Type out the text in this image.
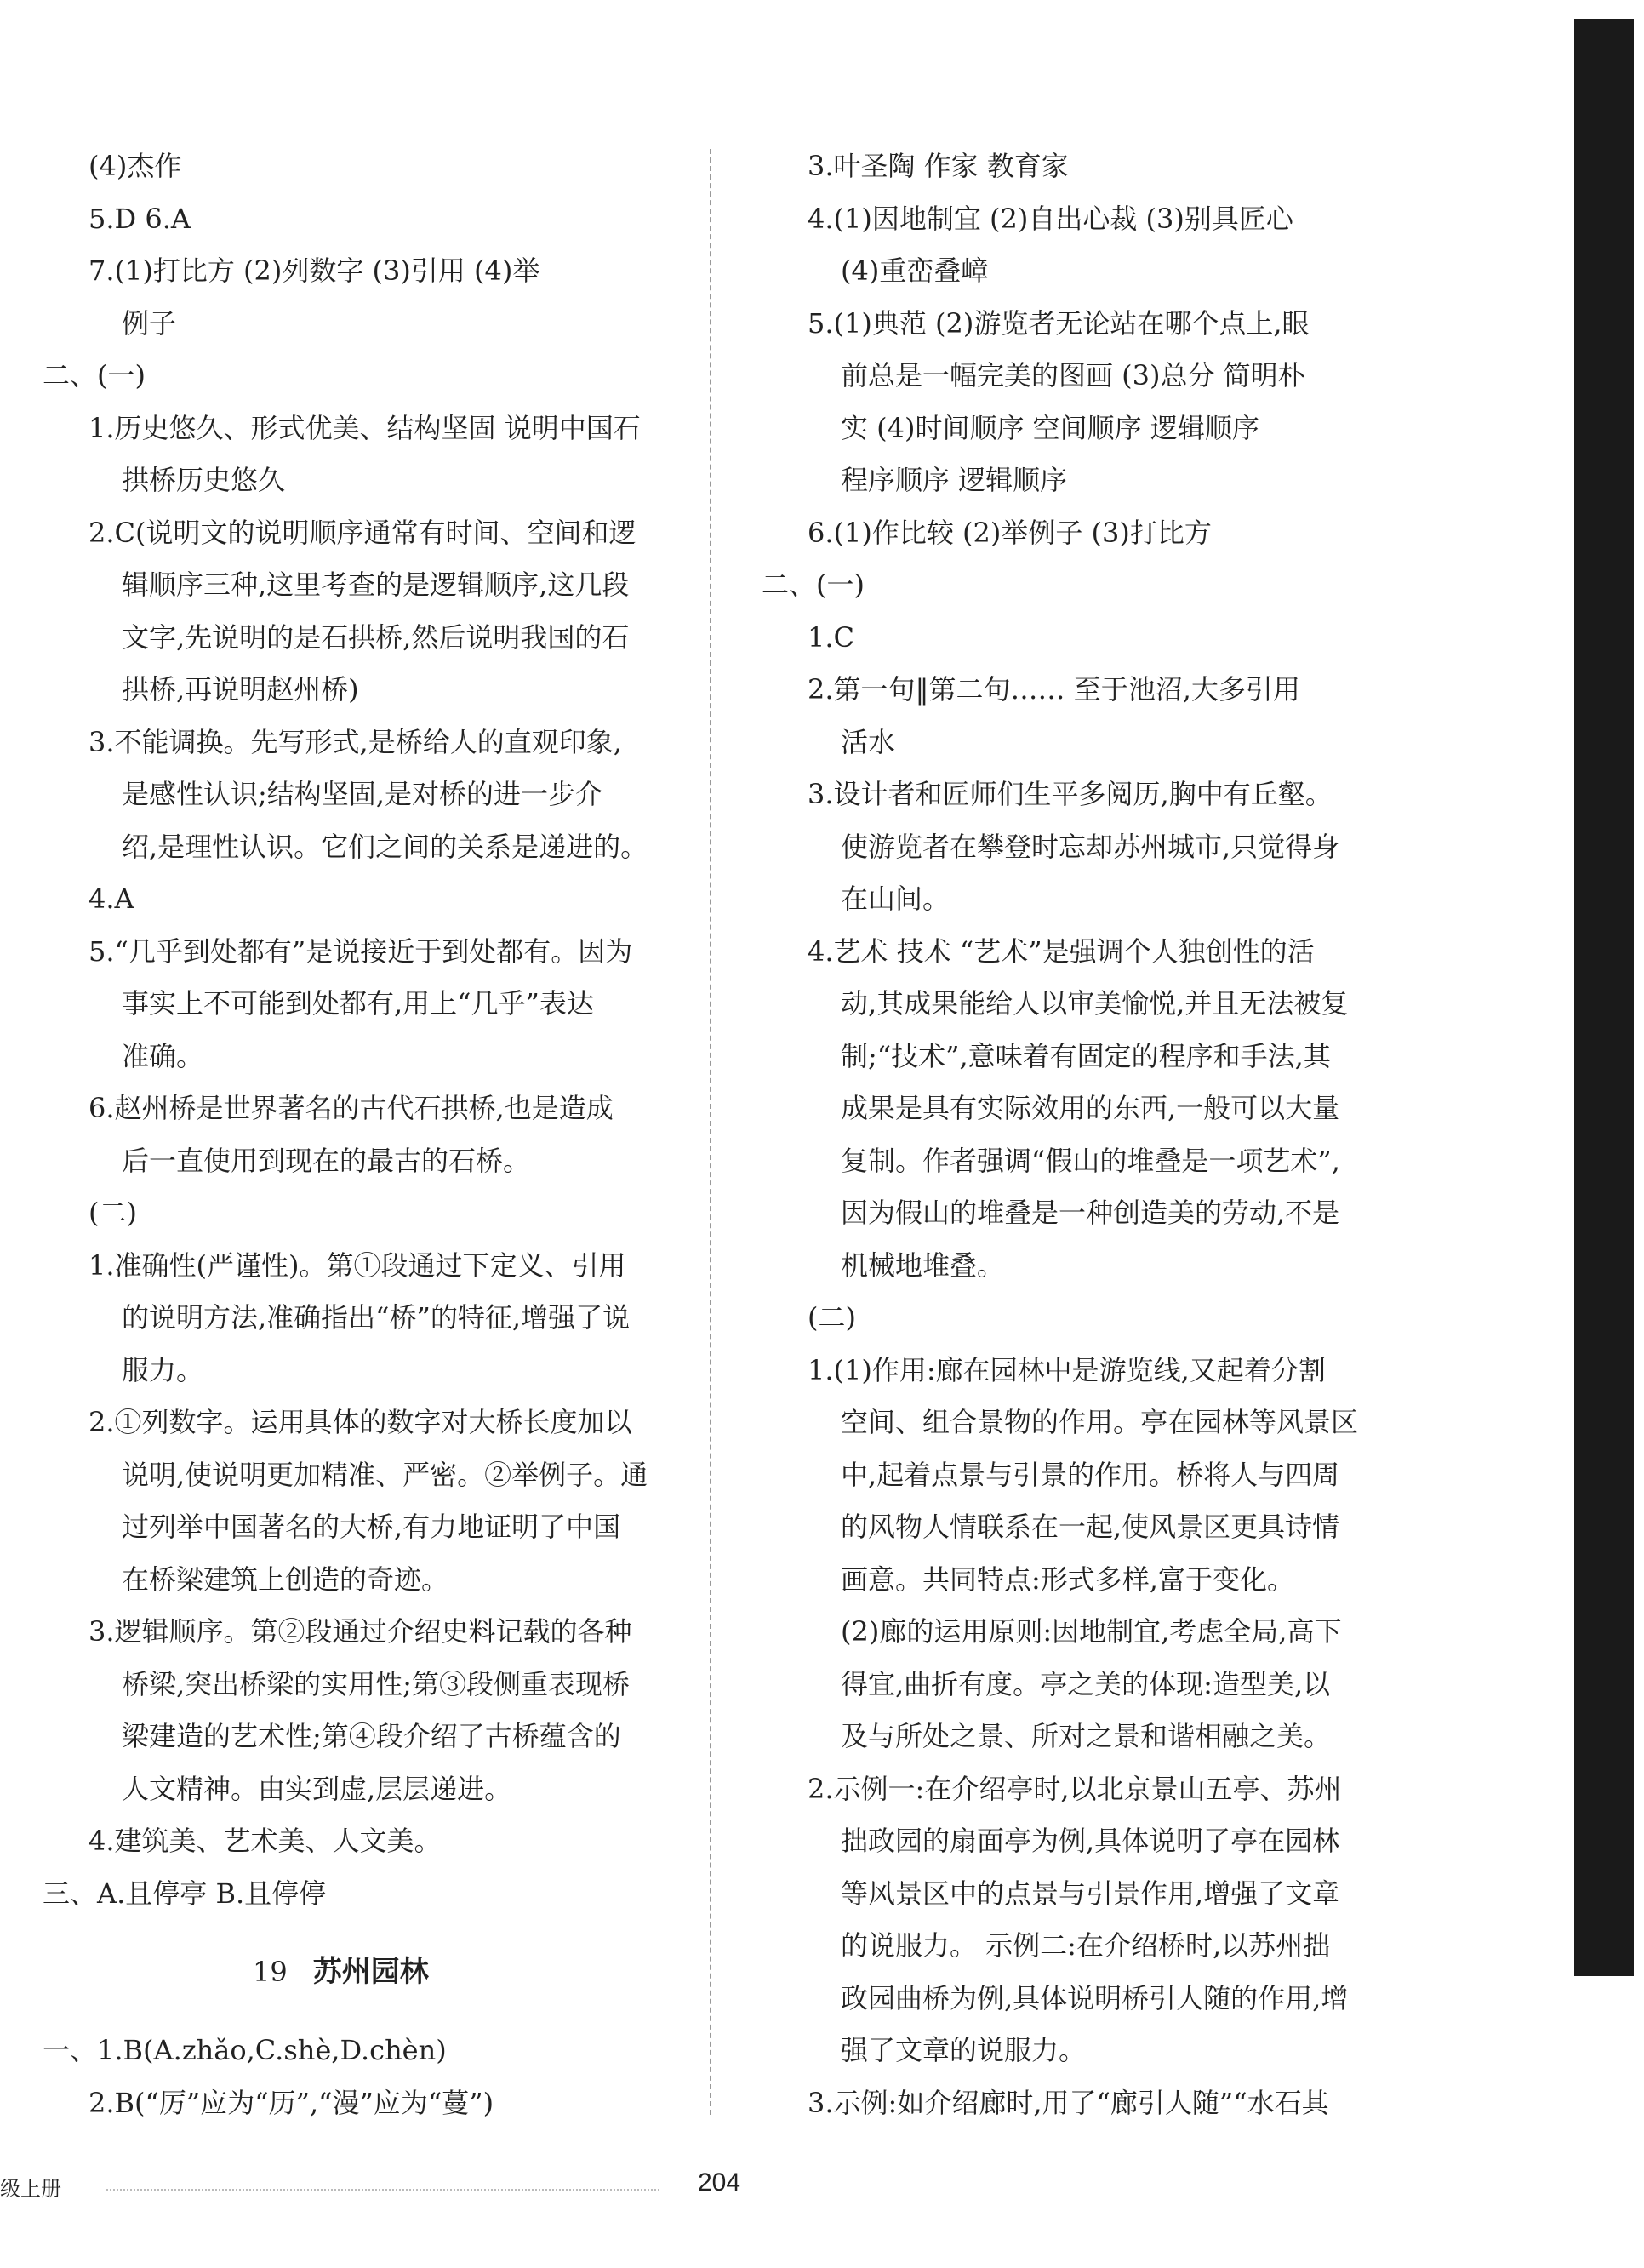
(4)杰作
5.D 6.A
7.(1)打比方 (2)列数字 (3)引用 (4)举
例子
二、(一)
1.历史悠久、形式优美、结构坚固 说明中国石
拱桥历史悠久
2.C(说明文的说明顺序通常有时间、空间和逻
辑顺序三种,这里考查的是逻辑顺序,这几段
文字,先说明的是石拱桥,然后说明我国的石
拱桥,再说明赵州桥)
3.不能调换。先写形式,是桥给人的直观印象,
是感性认识;结构坚固,是对桥的进一步介
绍,是理性认识。它们之间的关系是递进的。
4.A
5.“几乎到处都有”是说接近于到处都有。因为
事实上不可能到处都有,用上“几乎”表达
准确。
6.赵州桥是世界著名的古代石拱桥,也是造成
后一直使用到现在的最古的石桥。
(二)
1.准确性(严谨性)。第①段通过下定义、引用
的说明方法,准确指出“桥”的特征,增强了说
服力。
2.①列数字。运用具体的数字对大桥长度加以
说明,使说明更加精准、严密。②举例子。通
过列举中国著名的大桥,有力地证明了中国
在桥梁建筑上创造的奇迹。
3.逻辑顺序。第②段通过介绍史料记载的各种
桥梁,突出桥梁的实用性;第③段侧重表现桥
梁建造的艺术性;第④段介绍了古桥蕴含的
人文精神。由实到虚,层层递进。
4.建筑美、艺术美、人文美。
三、A.且停亭 B.且停停
19 苏州园林
一、1.B(A.zhǎo,C.shè,D.chèn)
2.B(“厉”应为“历”,“漫”应为“蔓”)
3.叶圣陶 作家 教育家
4.(1)因地制宜 (2)自出心裁 (3)别具匠心
(4)重峦叠嶂
5.(1)典范 (2)游览者无论站在哪个点上,眼
前总是一幅完美的图画 (3)总分 简明朴
实 (4)时间顺序 空间顺序 逻辑顺序
程序顺序 逻辑顺序
6.(1)作比较 (2)举例子 (3)打比方
二、(一)
1.C
2.第一句‖第二句…… 至于池沼,大多引用
活水
3.设计者和匠师们生平多阅历,胸中有丘壑。
使游览者在攀登时忘却苏州城市,只觉得身
在山间。
4.艺术 技术 “艺术”是强调个人独创性的活
动,其成果能给人以审美愉悦,并且无法被复
制;“技术”,意味着有固定的程序和手法,其
成果是具有实际效用的东西,一般可以大量
复制。作者强调“假山的堆叠是一项艺术”,
因为假山的堆叠是一种创造美的劳动,不是
机械地堆叠。
(二)
1.(1)作用:廊在园林中是游览线,又起着分割
空间、组合景物的作用。亭在园林等风景区
中,起着点景与引景的作用。桥将人与四周
的风物人情联系在一起,使风景区更具诗情
画意。共同特点:形式多样,富于变化。
(2)廊的运用原则:因地制宜,考虑全局,高下
得宜,曲折有度。亭之美的体现:造型美,以
及与所处之景、所对之景和谐相融之美。
2.示例一:在介绍亭时,以北京景山五亭、苏州
拙政园的扇面亭为例,具体说明了亭在园林
等风景区中的点景与引景作用,增强了文章
的说服力。 示例二:在介绍桥时,以苏州拙
政园曲桥为例,具体说明桥引人随的作用,增
强了文章的说服力。
3.示例:如介绍廊时,用了“廊引人随”“水石其
级上册	204
